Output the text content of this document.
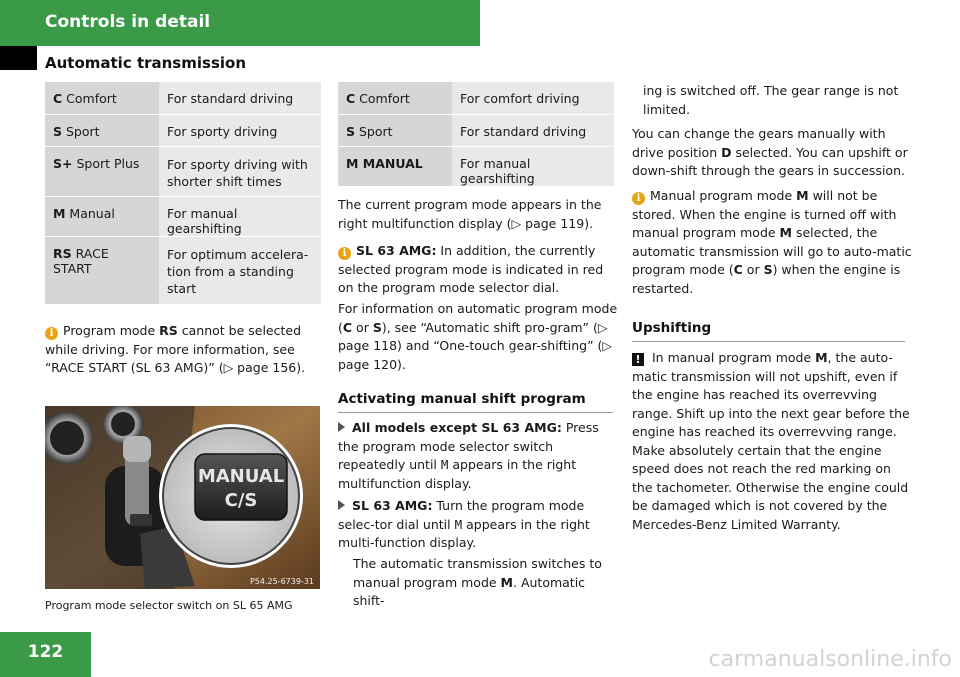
Controls in detail
Automatic transmission
C Comfort	For standard driving
S Sport	For sporty driving
S+ Sport Plus	For sporty driving with shorter shift times
M Manual	For manual gearshifting
RS RACE START	For optimum accelera-tion from a standing start
i Program mode RS cannot be selected while driving. For more information, see “RACE START (SL 63 AMG)” (▷ page 156).
MANUAL
C/S
P54.25-6739-31
Program mode selector switch on SL 65 AMG
C Comfort	For comfort driving
S Sport	For standard driving
M MANUAL	For manual gearshifting
The current program mode appears in the right multifunction display (▷ page 119).
i SL 63 AMG: In addition, the currently selected program mode is indicated in red on the program mode selector dial.
For information on automatic program mode (C or S), see “Automatic shift pro-gram” (▷ page 118) and “One-touch gear-shifting” (▷ page 120).
Activating manual shift program
All models except SL 63 AMG: Press the program mode selector switch repeatedly until M appears in the right multifunction display.
SL 63 AMG: Turn the program mode selec-tor dial until M appears in the right multi-function display.
The automatic transmission switches to manual program mode M. Automatic shift-
ing is switched off. The gear range is not limited.
You can change the gears manually with drive position D selected. You can upshift or down-shift through the gears in succession.
i Manual program mode M will not be stored. When the engine is turned off with manual program mode M selected, the automatic transmission will go to auto-matic program mode (C or S) when the engine is restarted.
Upshifting
! In manual program mode M, the auto-matic transmission will not upshift, even if the engine has reached its overrevving range. Shift up into the next gear before the engine has reached its overrevving range. Make absolutely certain that the engine speed does not reach the red marking on the tachometer. Otherwise the engine could be damaged which is not covered by the Mercedes-Benz Limited Warranty.
122	carmanualsonline.info
